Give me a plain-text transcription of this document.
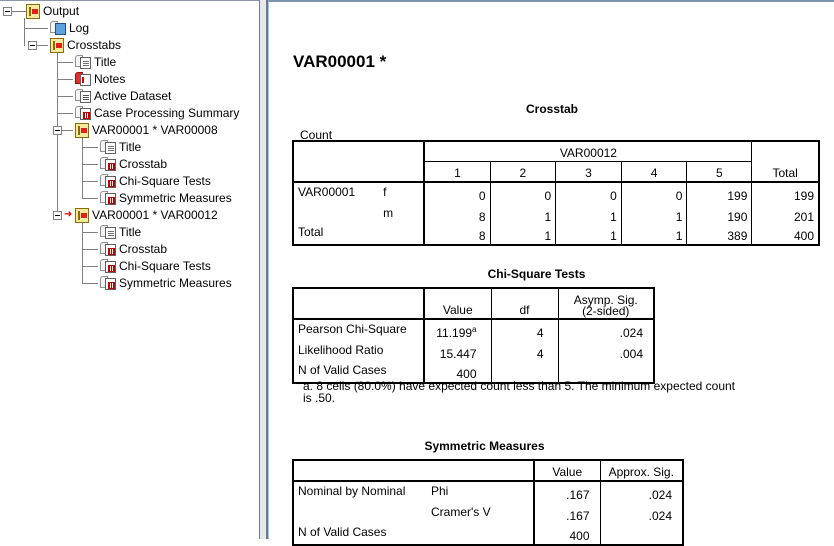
Output
Log
Crosstabs
Title
Notes
Active Dataset
Case Processing Summary
VAR00001 * VAR00008
Title
Crosstab
Chi-Square Tests
Symmetric Measures
➜ VAR00001 * VAR00012
Title
Crosstab
Chi-Square Tests
Symmetric Measures
VAR00001 *
Crosstab
Count
		VAR00012					Total
		1	2	3	4	5	
VAR00001	f	0	0	0	0	199	199
	m	8	1	1	1	190	201
Total		8	1	1	1	389	400
Chi-Square Tests
	Value	df	Asymp. Sig.
(2-sided)
Pearson Chi-Square	11.199$^a$	4	.024
Likelihood Ratio	15.447	4	.004
N of Valid Cases	400		
a. 8 cells (80.0%) have expected count less than 5. The minimum expected count
is .50.
Symmetric Measures
		Value	Approx. Sig.
Nominal by Nominal	Phi	.167	.024
	Cramer's V	.167	.024
N of Valid Cases		400	
